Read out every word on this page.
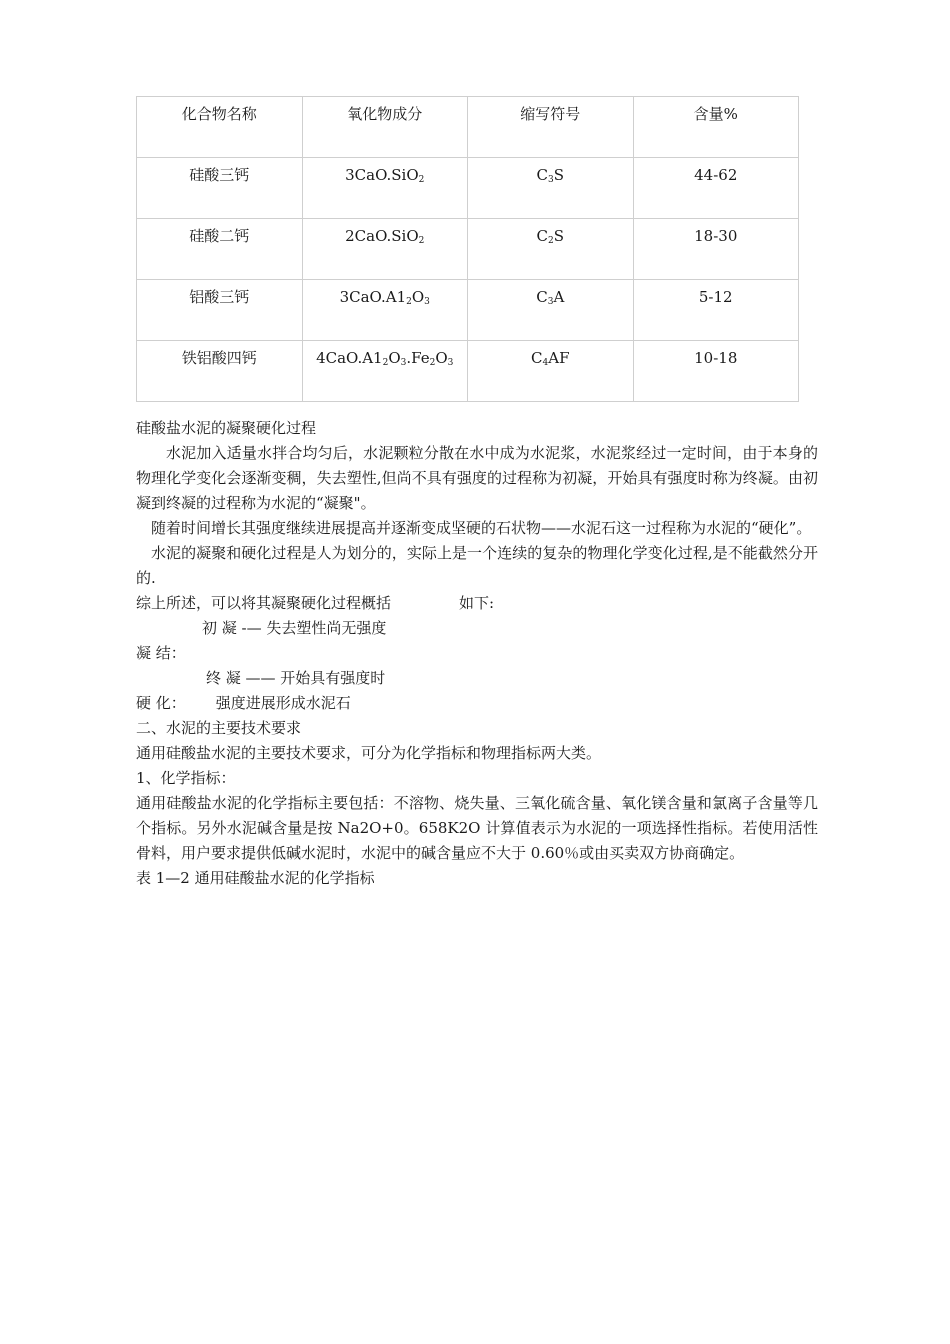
化合物名称	氧化物成分	缩写符号	含量%
硅酸三钙	3CaO.SiO$_2$	$C_3S$	44-62
硅酸二钙	2CaO.SiO$_2$	$C_2S$	18-30
铝酸三钙	$3CaO.A1_2O_3$	$C_3A$	5-12
铁铝酸四钙	$4CaO.A1_2O_3.Fe_2O_3$	$C_4AF$	10-18

硅酸盐水泥的凝聚硬化过程

水泥加入适量水拌合均匀后，水泥颗粒分散在水中成为水泥浆，水泥浆经过一定时间，由于本身的物理化学变化会逐渐变稠，失去塑性,但尚不具有强度的过程称为初凝，开始具有强度时称为终凝。由初凝到终凝的过程称为水泥的“凝聚"。

随着时间增长其强度继续进展提高并逐渐变成坚硬的石状物——水泥石这一过程称为水泥的“硬化”。

水泥的凝聚和硬化过程是人为划分的，实际上是一个连续的复杂的物理化学变化过程,是不能截然分开的.

综上所述，可以将其凝聚硬化过程概括	如下:

初 凝 -— 失去塑性尚无强度

凝 结：

终 凝 —— 开始具有强度时

硬 化： 强度进展形成水泥石

二、水泥的主要技术要求

通用硅酸盐水泥的主要技术要求，可分为化学指标和物理指标两大类。

1、化学指标：

通用硅酸盐水泥的化学指标主要包括：不溶物、烧失量、三氧化硫含量、氧化镁含量和氯离子含量等几个指标。另外水泥碱含量是按 Na2O+0。658K2O 计算值表示为水泥的一项选择性指标。若使用活性骨料，用户要求提供低碱水泥时，水泥中的碱含量应不大于 0.60％或由买卖双方协商确定。

表 1—2 通用硅酸盐水泥的化学指标
